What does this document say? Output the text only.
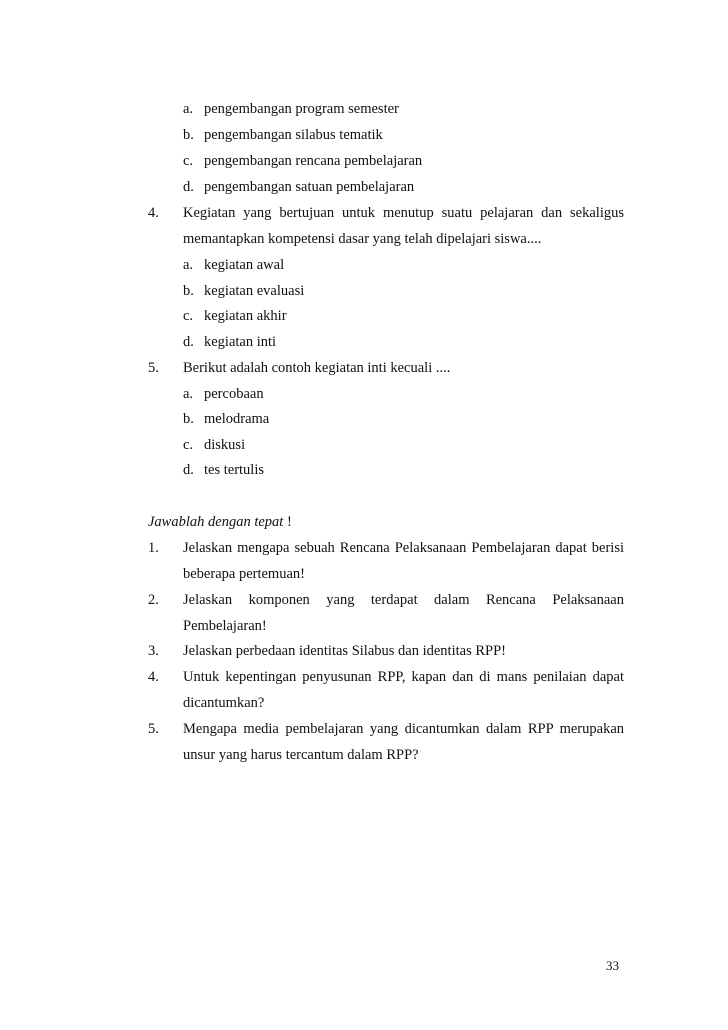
a. pengembangan program semester
b. pengembangan silabus tematik
c. pengembangan rencana pembelajaran
d. pengembangan satuan pembelajaran
4. Kegiatan yang bertujuan untuk menutup suatu pelajaran dan sekaligus
memantapkan kompetensi dasar yang telah dipelajari siswa....
a. kegiatan awal
b. kegiatan evaluasi
c. kegiatan akhir
d. kegiatan inti
5. Berikut adalah contoh kegiatan inti kecuali ....
a. percobaan
b. melodrama
c. diskusi
d. tes tertulis
Jawablah dengan tepat !
1. Jelaskan mengapa sebuah Rencana Pelaksanaan Pembelajaran dapat berisi
beberapa pertemuan!
2. Jelaskan komponen yang terdapat dalam Rencana Pelaksanaan
Pembelajaran!
3. Jelaskan perbedaan identitas Silabus dan identitas RPP!
4. Untuk kepentingan penyusunan RPP, kapan dan di mans penilaian dapat
dicantumkan?
5. Mengapa media pembelajaran yang dicantumkan dalam RPP merupakan
unsur yang harus tercantum dalam RPP?
33
